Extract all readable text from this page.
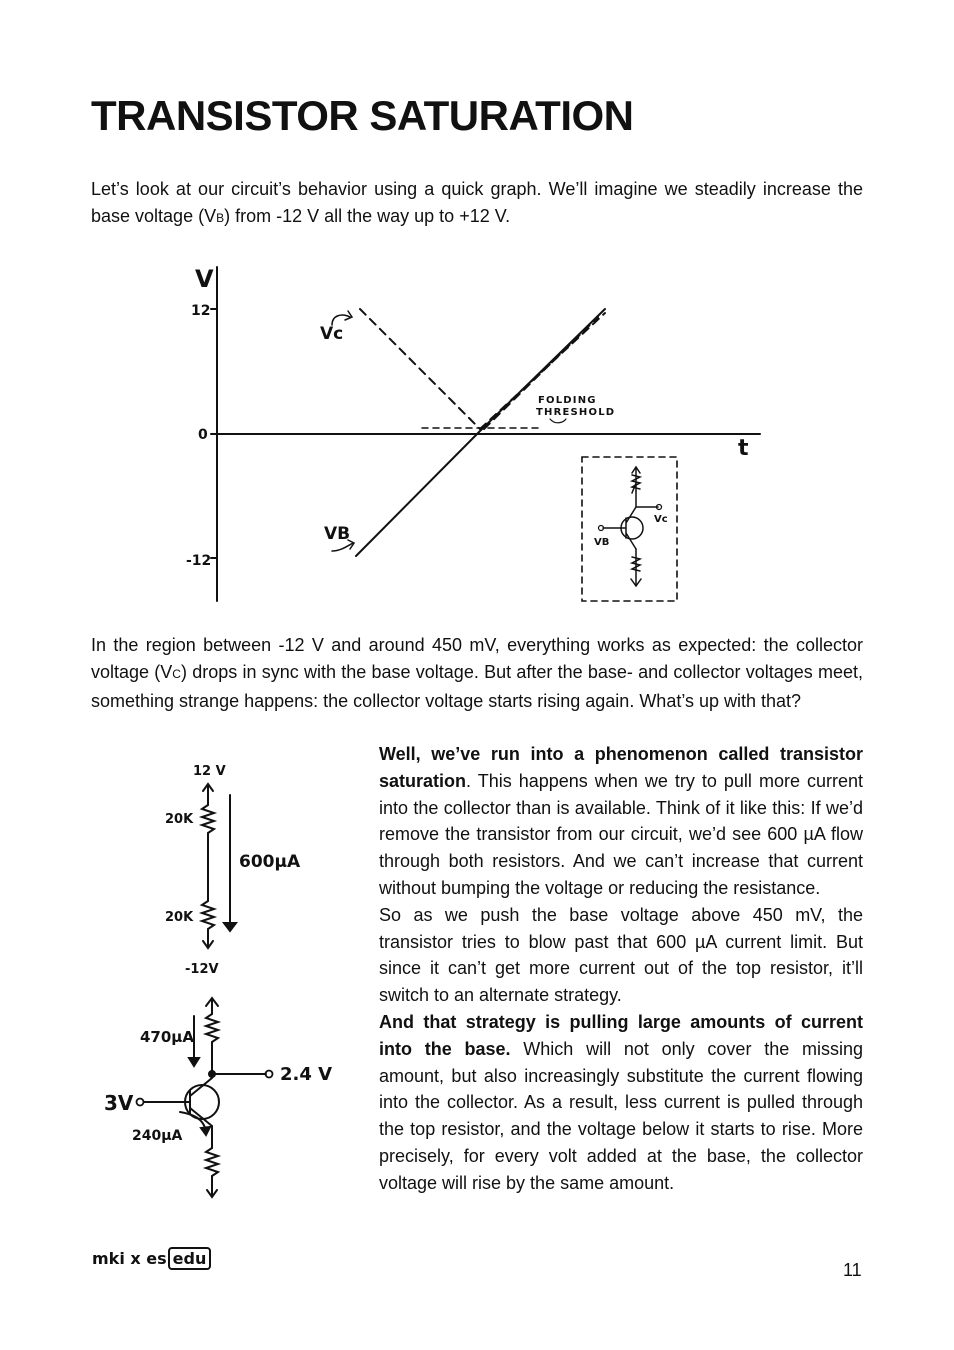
TRANSISTOR SATURATION

Let’s look at our circuit’s behavior using a quick graph. We’ll imagine we steadily increase the base voltage (VB) from -12 V all the way up to +12 V.

V
t
12
0
-12
Vc
VB
FOLDING
THRESHOLD
Vc
VB

In the region between -12 V and around 450 mV, everything works as expected: the collector voltage (VC) drops in sync with the base voltage. But after the base- and collector voltages meet, something strange happens: the collector voltage starts rising again. What’s up with that?

12 V
20K
20K
600µA
-12V
470µA
2.4 V
3V
240µA

Well, we’ve run into a phenomenon called transistor saturation. This happens when we try to pull more current into the collector than is available. Think of it like this: If we’d remove the transistor from our circuit, we’d see 600 µA flow through both resistors. And we can’t increase that current without bumping the voltage or reducing the resistance.

So as we push the base voltage above 450 mV, the transistor tries to blow past that 600 µA current limit. But since it can’t get more current out of the top resistor, it’ll switch to an alternate strategy.

And that strategy is pulling large amounts of current into the base. Which will not only cover the missing amount, but also increasingly substitute the current flowing into the collector. As a result, less current is pulled through the top resistor, and the voltage below it starts to rise. More precisely, for every volt added at the base, the collector voltage will rise by the same amount.

mki x es edu
11
